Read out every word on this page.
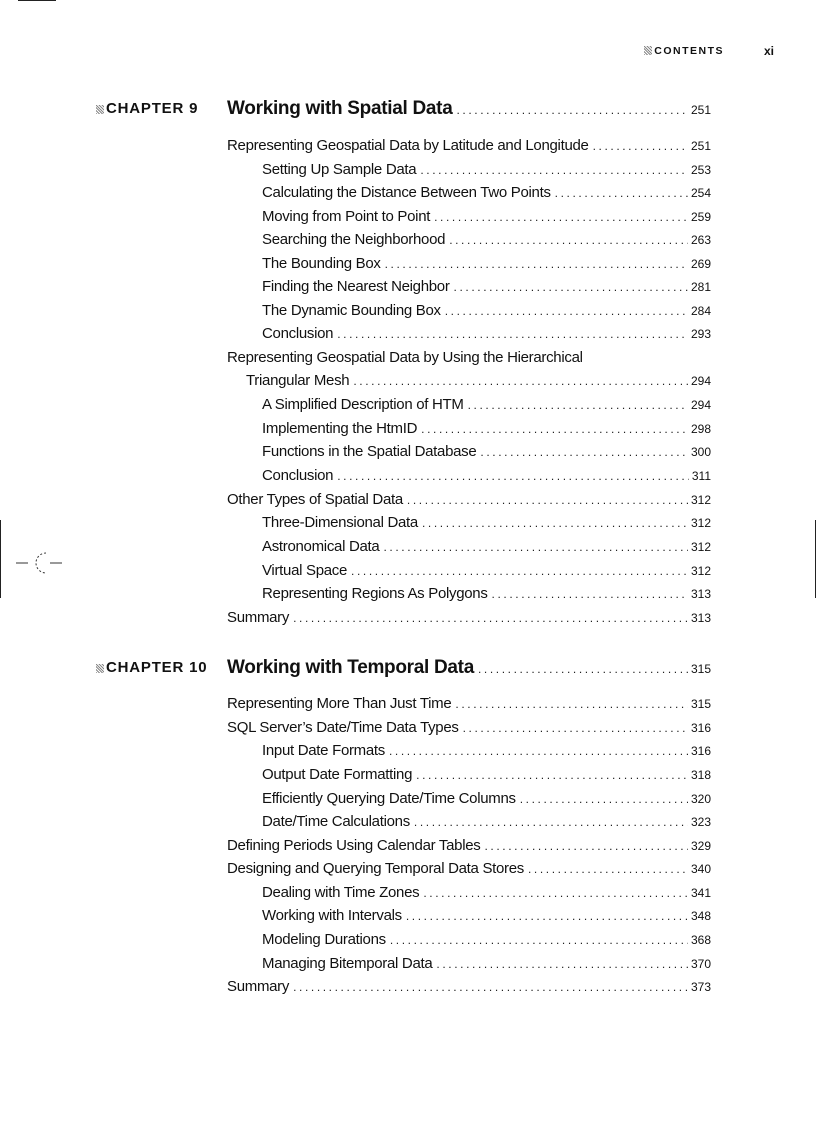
CONTENTS	xi
CHAPTER 9 Working with Spatial Data .....	251
Representing Geospatial Data by Latitude and Longitude .....	251
Setting Up Sample Data .....	253
Calculating the Distance Between Two Points .....	254
Moving from Point to Point .....	259
Searching the Neighborhood .....	263
The Bounding Box .....	269
Finding the Nearest Neighbor .....	281
The Dynamic Bounding Box .....	284
Conclusion .....	293
Representing Geospatial Data by Using the Hierarchical
Triangular Mesh .....	294
A Simplified Description of HTM .....	294
Implementing the HtmID .....	298
Functions in the Spatial Database .....	300
Conclusion .....	311
Other Types of Spatial Data .....	312
Three-Dimensional Data .....	312
Astronomical Data .....	312
Virtual Space .....	312
Representing Regions As Polygons .....	313
Summary .....	313
CHAPTER 10 Working with Temporal Data .....	315
Representing More Than Just Time .....	315
SQL Server’s Date/Time Data Types .....	316
Input Date Formats .....	316
Output Date Formatting .....	318
Efficiently Querying Date/Time Columns .....	320
Date/Time Calculations .....	323
Defining Periods Using Calendar Tables .....	329
Designing and Querying Temporal Data Stores .....	340
Dealing with Time Zones .....	341
Working with Intervals .....	348
Modeling Durations .....	368
Managing Bitemporal Data .....	370
Summary .....	373
